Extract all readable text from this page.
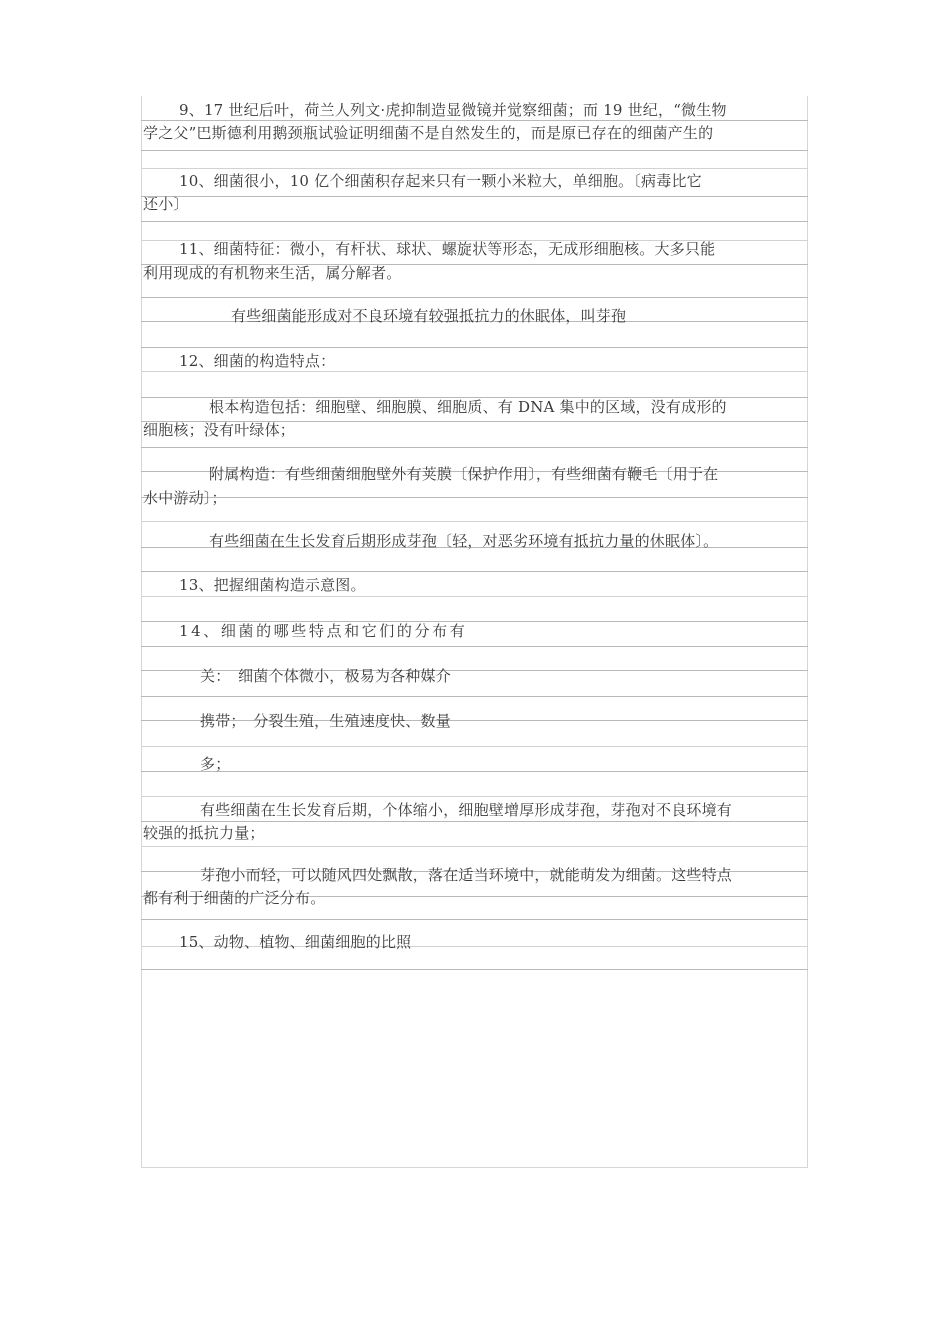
9、17 世纪后叶，荷兰人列文·虎抑制造显微镜并觉察细菌；而 19 世纪，“微生物
学之父”巴斯德利用鹅颈瓶试验证明细菌不是自然发生的，而是原已存在的细菌产生的
10、细菌很小，10 亿个细菌积存起来只有一颗小米粒大，单细胞。〔病毒比它
还小〕
11、细菌特征：微小，有杆状、球状、螺旋状等形态，无成形细胞核。大多只能
利用现成的有机物来生活，属分解者。
有些细菌能形成对不良环境有较强抵抗力的休眠体，叫芽孢
12、细菌的构造特点：
根本构造包括：细胞壁、细胞膜、细胞质、有 DNA 集中的区域，没有成形的
细胞核；没有叶绿体；
附属构造：有些细菌细胞壁外有荚膜〔保护作用〕，有些细菌有鞭毛〔用于在
水中游动〕；
有些细菌在生长发育后期形成芽孢〔轻，对恶劣环境有抵抗力量的休眠体〕。
13、把握细菌构造示意图。
14、细菌的哪些特点和它们的分布有
关：　细菌个体微小，极易为各种媒介
携带；　分裂生殖，生殖速度快、数量
多；
有些细菌在生长发育后期，个体缩小，细胞壁增厚形成芽孢，芽孢对不良环境有
较强的抵抗力量；
芽孢小而轻，可以随风四处飘散，落在适当环境中，就能萌发为细菌。这些特点
都有利于细菌的广泛分布。
15、动物、植物、细菌细胞的比照
